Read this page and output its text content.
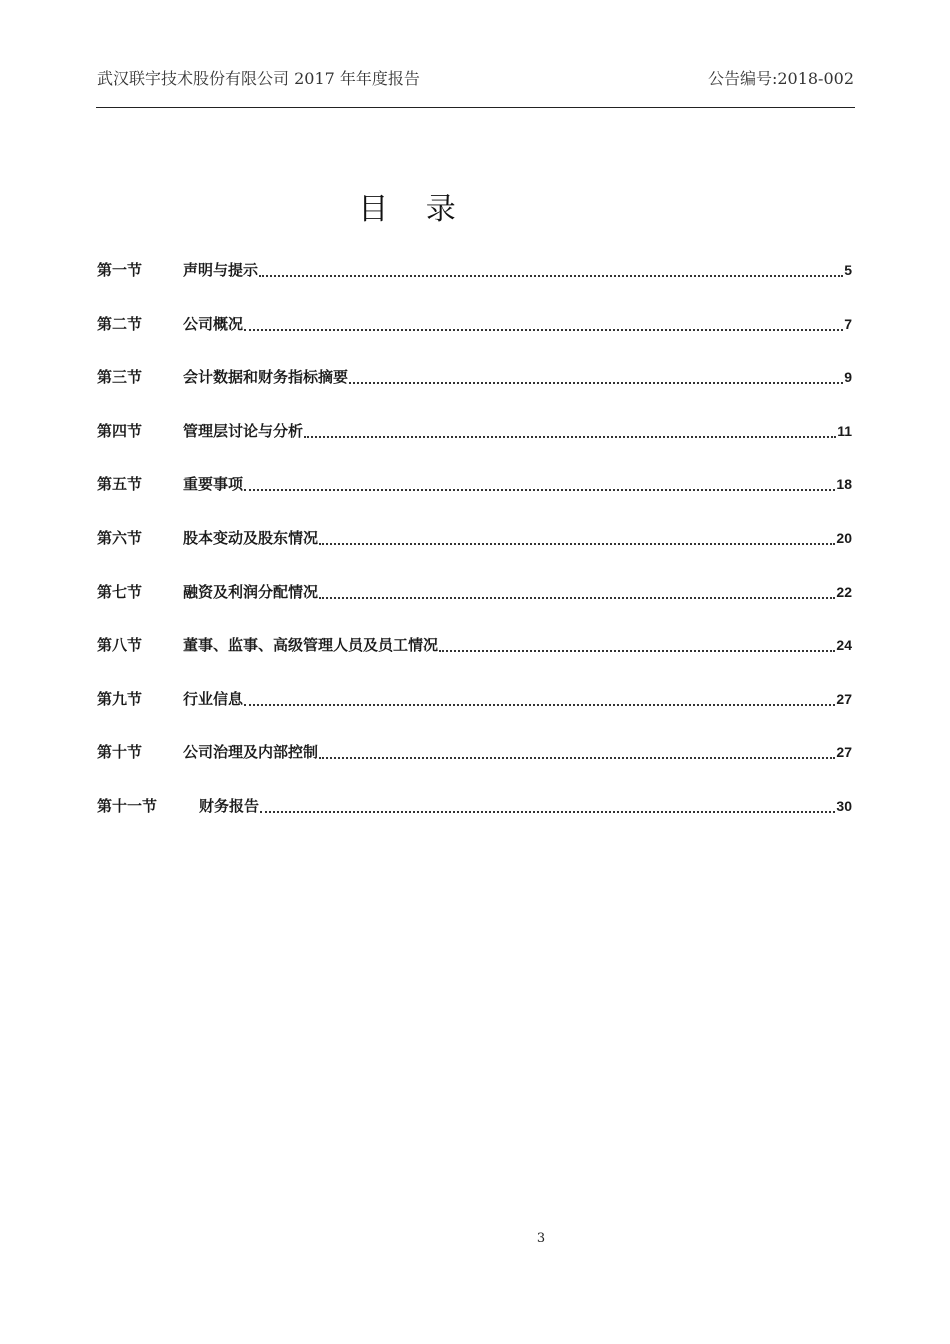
武汉联宇技术股份有限公司 2017 年年度报告	公告编号:2018-002
目 录
第一节	声明与提示	5
第二节	公司概况	7
第三节	会计数据和财务指标摘要	9
第四节	管理层讨论与分析	11
第五节	重要事项	18
第六节	股本变动及股东情况	20
第七节	融资及利润分配情况	22
第八节	董事、监事、高级管理人员及员工情况	24
第九节	行业信息	27
第十节	公司治理及内部控制	27
第十一节	财务报告	30
3
